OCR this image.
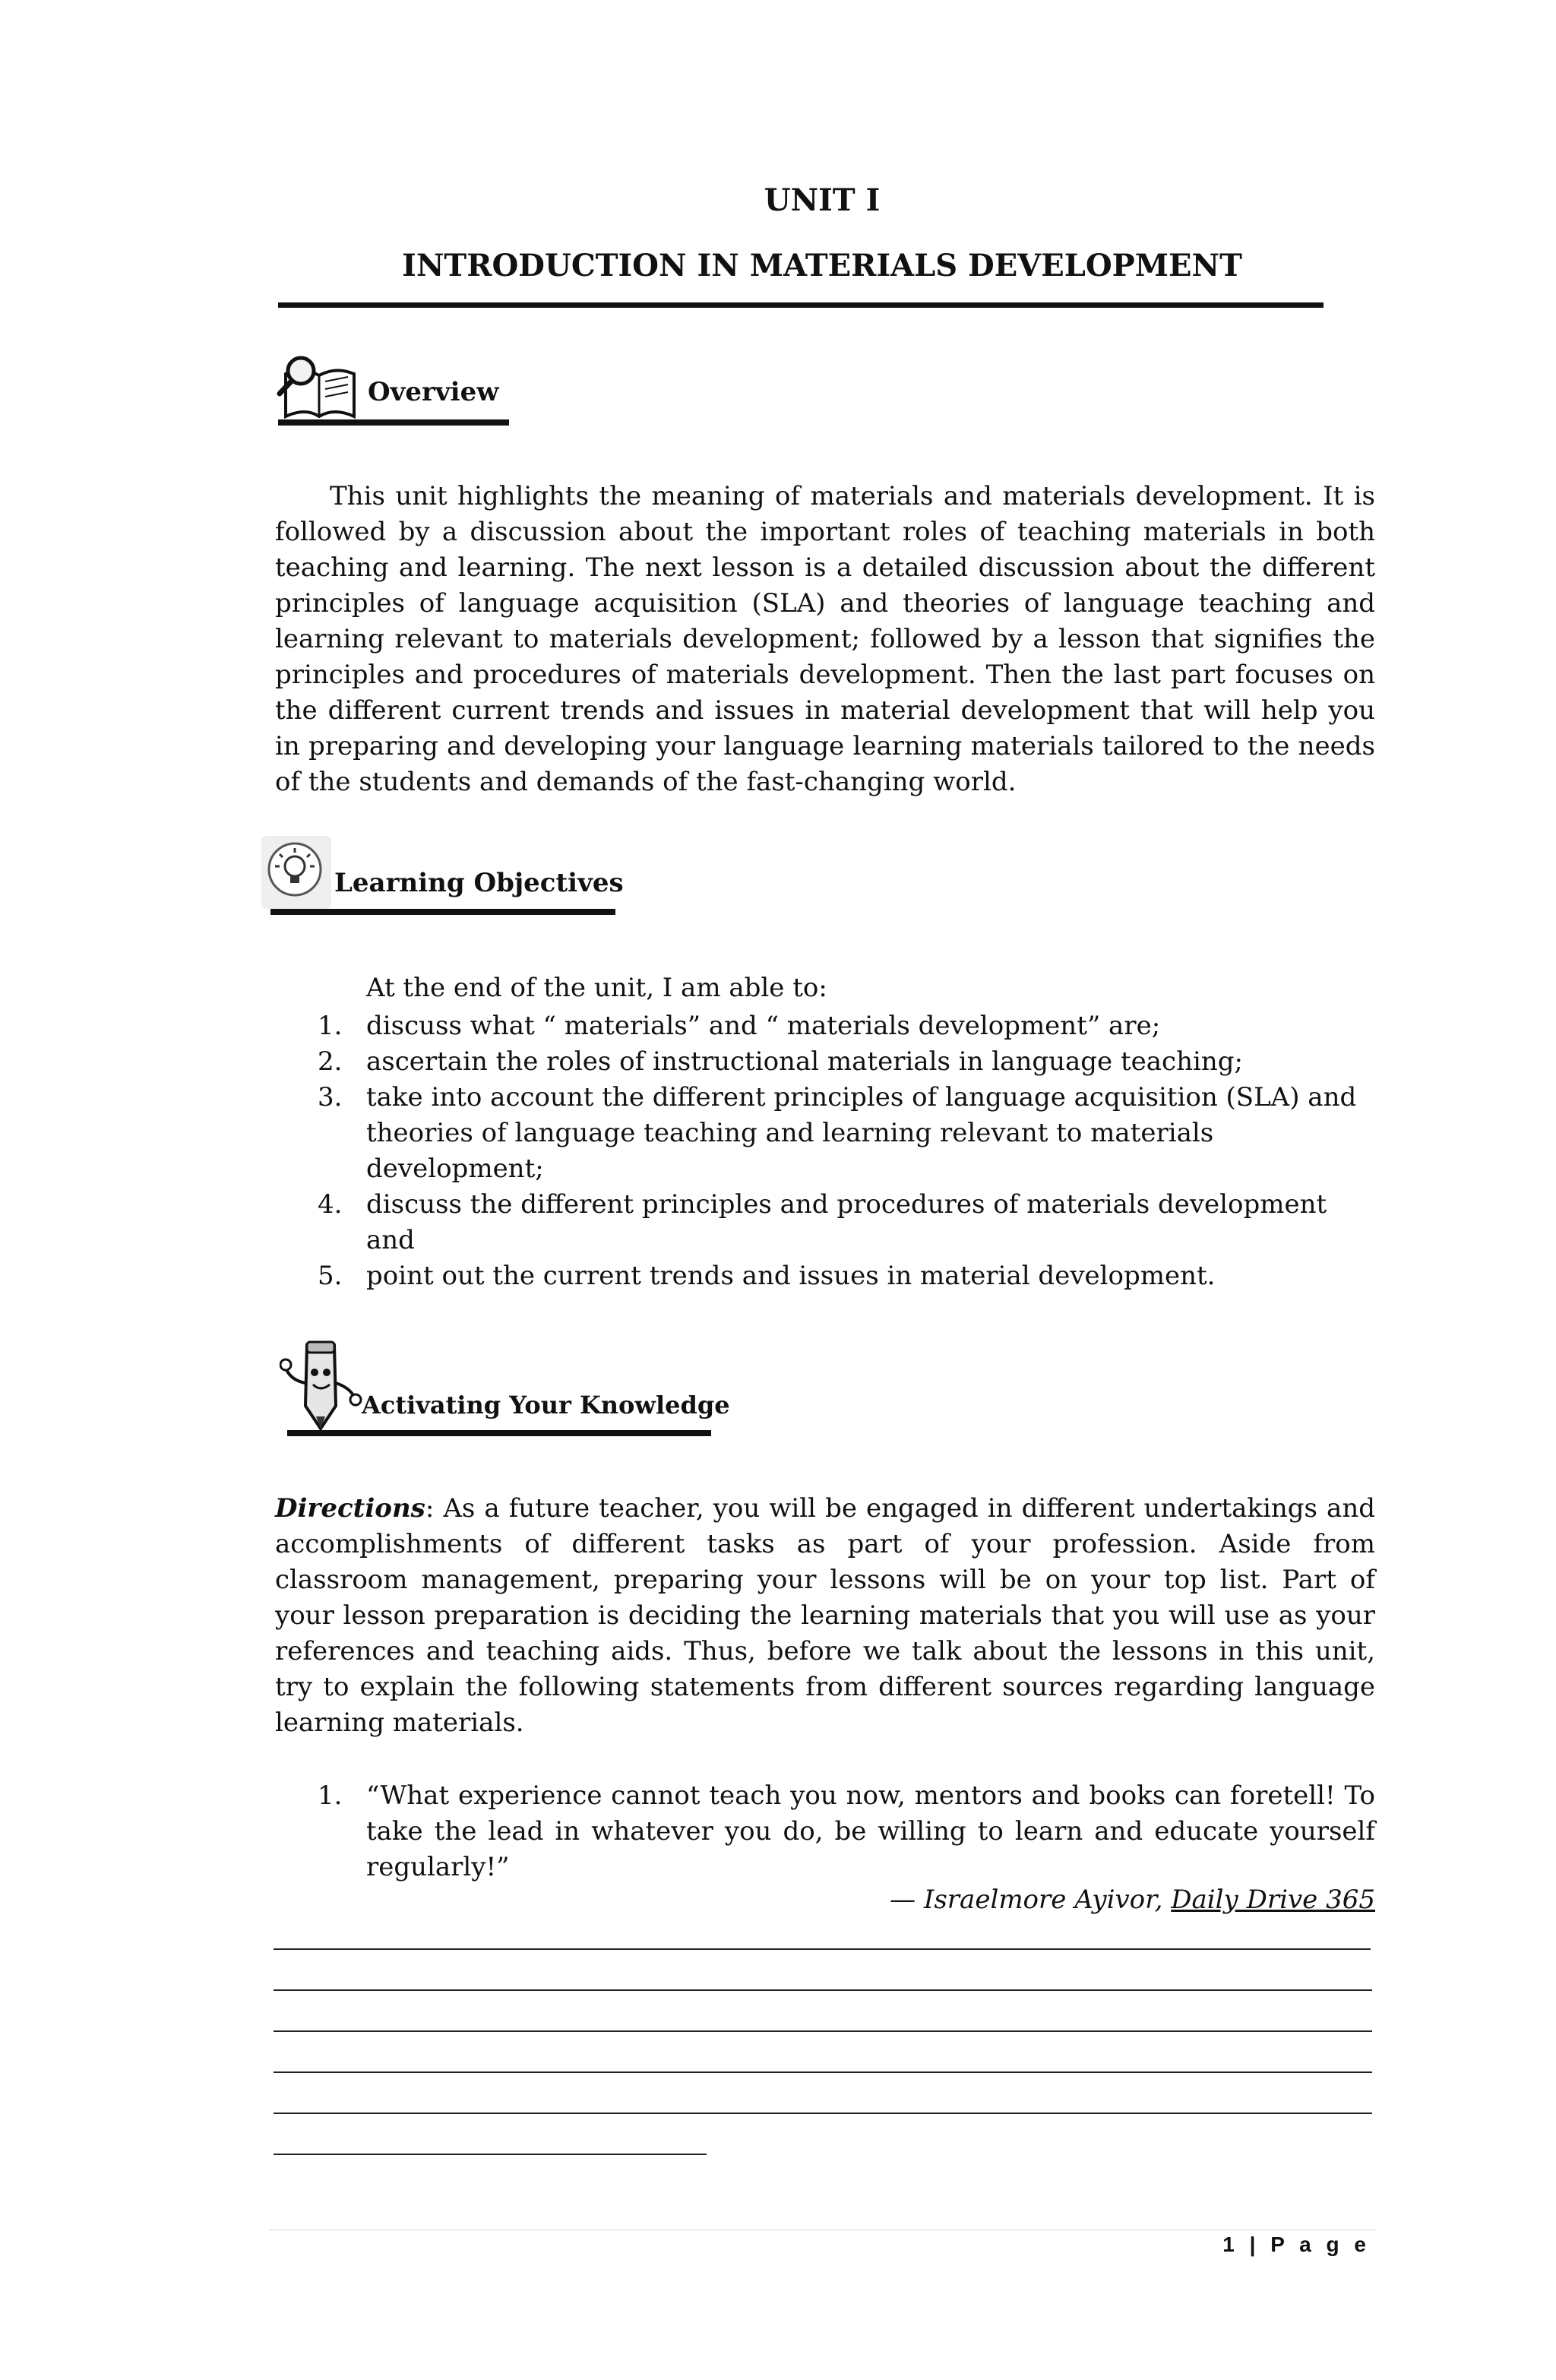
UNIT I
INTRODUCTION IN MATERIALS DEVELOPMENT
Overview

This unit highlights the meaning of materials and materials development. It is followed by a discussion about the important roles of teaching materials in both teaching and learning. The next lesson is a detailed discussion about the different principles of language acquisition (SLA) and theories of language teaching and learning relevant to materials development; followed by a lesson that signifies the principles and procedures of materials development. Then the last part focuses on the different current trends and issues in material development that will help you in preparing and developing your language learning materials tailored to the needs of the students and demands of the fast-changing world.

Learning Objectives
At the end of the unit, I am able to:
1. discuss what “ materials” and “ materials development” are;
2. ascertain the roles of instructional materials in language teaching;
3. take into account the different principles of language acquisition (SLA) and theories of language teaching and learning relevant to materials development;
4. discuss the different principles and procedures of materials development and
5. point out the current trends and issues in material development.
Activating Your Knowledge

Directions: As a future teacher, you will be engaged in different undertakings and accomplishments of different tasks as part of your profession. Aside from classroom management, preparing your lessons will be on your top list. Part of your lesson preparation is deciding the learning materials that you will use as your references and teaching aids. Thus, before we talk about the lessons in this unit, try to explain the following statements from different sources regarding language learning materials.

1. “What experience cannot teach you now, mentors and books can foretell! To take the lead in whatever you do, be willing to learn and educate yourself regularly!”
— Israelmore Ayivor, Daily Drive 365
1 | P a g e
